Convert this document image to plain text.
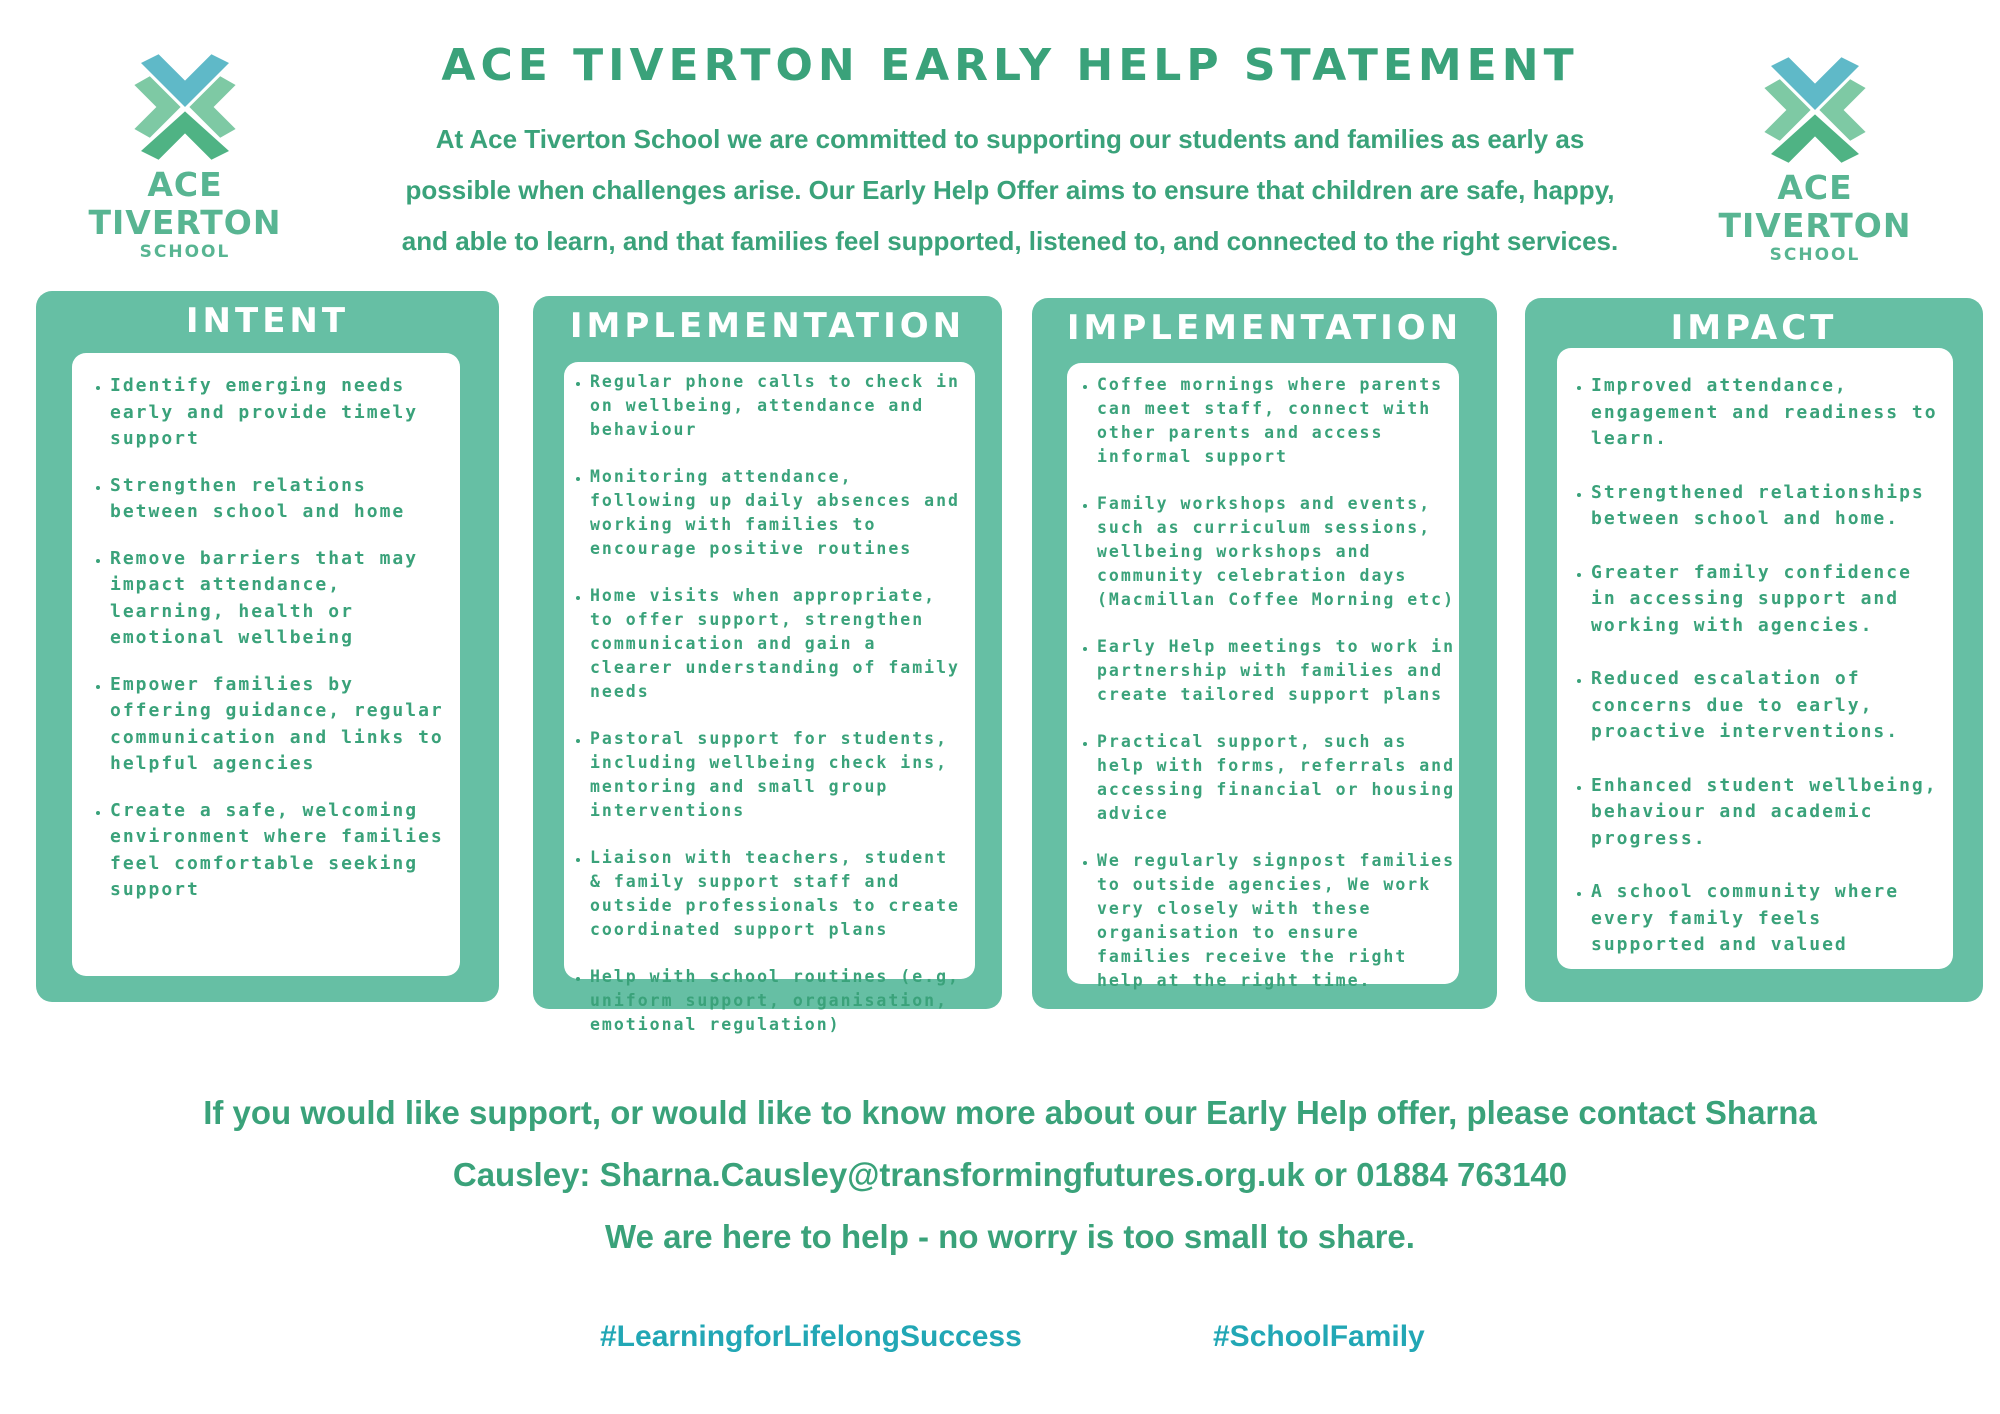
ACE TIVERTON
SCHOOL
ACE TIVERTON EARLY HELP STATEMENT
At Ace Tiverton School we are committed to supporting our students and families as early as
possible when challenges arise. Our Early Help Offer aims to ensure that children are safe, happy,
and able to learn, and that families feel supported, listened to, and connected to the right services.
ACE TIVERTON
SCHOOL
INTENT
• Identify emerging needs early and provide timely support
• Strengthen relations between school and home
• Remove barriers that may impact attendance, learning, health or emotional wellbeing
• Empower families by offering guidance, regular communication and links to helpful agencies
• Create a safe, welcoming environment where families feel comfortable seeking support
IMPLEMENTATION
• Regular phone calls to check in on wellbeing, attendance and behaviour
• Monitoring attendance, following up daily absences and working with families to encourage positive routines
• Home visits when appropriate, to offer support, strengthen communication and gain a clearer understanding of family needs
• Pastoral support for students, including wellbeing check ins, mentoring and small group interventions
• Liaison with teachers, student & family support staff and outside professionals to create coordinated support plans
• Help with school routines (e.g, uniform support, organisation, emotional regulation)
IMPLEMENTATION
• Coffee mornings where parents can meet staff, connect with other parents and access informal support
• Family workshops and events, such as curriculum sessions, wellbeing workshops and community celebration days (Macmillan Coffee Morning etc)
• Early Help meetings to work in partnership with families and create tailored support plans
• Practical support, such as help with forms, referrals and accessing financial or housing advice
• We regularly signpost families to outside agencies, We work very closely with these organisation to ensure families receive the right help at the right time.
IMPACT
• Improved attendance, engagement and readiness to learn.
• Strengthened relationships between school and home.
• Greater family confidence in accessing support and working with agencies.
• Reduced escalation of concerns due to early, proactive interventions.
• Enhanced student wellbeing, behaviour and academic progress.
• A school community where every family feels supported and valued
If you would like support, or would like to know more about our Early Help offer, please contact Sharna
Causley: Sharna.Causley@transformingfutures.org.uk or 01884 763140
We are here to help - no worry is too small to share.
#LearningforLifelongSuccess	#SchoolFamily
